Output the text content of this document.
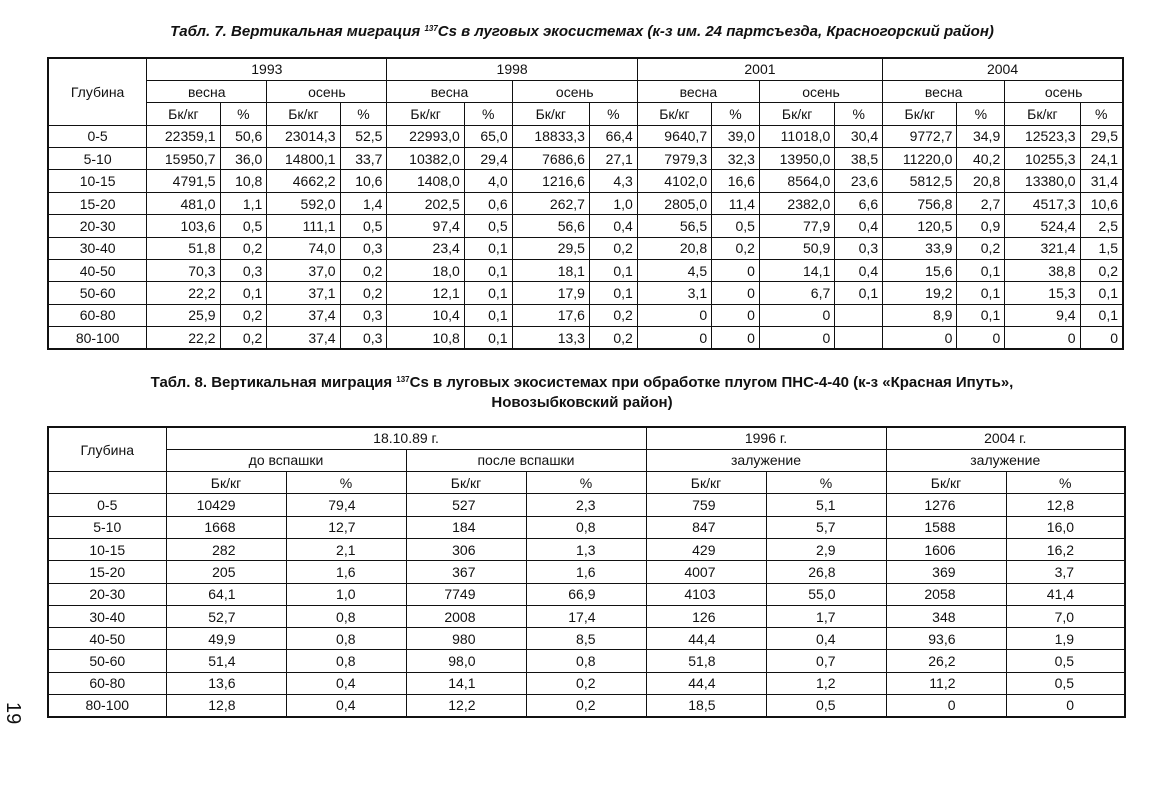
Табл. 7. Вертикальная миграция $^{137}$Cs в луговых экосистемах (к-з им. 24 партсъезда, Красногорский район)

Глубина	1993				1998				2001				2004			
	весна		осень		весна		осень		весна		осень		весна		осень	
	Бк/кг	%	Бк/кг	%	Бк/кг	%	Бк/кг	%	Бк/кг	%	Бк/кг	%	Бк/кг	%	Бк/кг	%
0-5	22359,1	50,6	23014,3	52,5	22993,0	65,0	18833,3	66,4	9640,7	39,0	11018,0	30,4	9772,7	34,9	12523,3	29,5
5-10	15950,7	36,0	14800,1	33,7	10382,0	29,4	7686,6	27,1	7979,3	32,3	13950,0	38,5	11220,0	40,2	10255,3	24,1
10-15	4791,5	10,8	4662,2	10,6	1408,0	4,0	1216,6	4,3	4102,0	16,6	8564,0	23,6	5812,5	20,8	13380,0	31,4
15-20	481,0	1,1	592,0	1,4	202,5	0,6	262,7	1,0	2805,0	11,4	2382,0	6,6	756,8	2,7	4517,3	10,6
20-30	103,6	0,5	111,1	0,5	97,4	0,5	56,6	0,4	56,5	0,5	77,9	0,4	120,5	0,9	524,4	2,5
30-40	51,8	0,2	74,0	0,3	23,4	0,1	29,5	0,2	20,8	0,2	50,9	0,3	33,9	0,2	321,4	1,5
40-50	70,3	0,3	37,0	0,2	18,0	0,1	18,1	0,1	4,5	0	14,1	0,4	15,6	0,1	38,8	0,2
50-60	22,2	0,1	37,1	0,2	12,1	0,1	17,9	0,1	3,1	0	6,7	0,1	19,2	0,1	15,3	0,1
60-80	25,9	0,2	37,4	0,3	10,4	0,1	17,6	0,2	0	0	0		8,9	0,1	9,4	0,1
80-100	22,2	0,2	37,4	0,3	10,8	0,1	13,3	0,2	0	0	0		0	0	0	0

Табл. 8. Вертикальная миграция $^{137}$Cs в луговых экосистемах при обработке плугом ПНС-4-40 (к-з «Красная Ипуть»,

Новозыбковский район)

Глубина	18.10.89 г.				1996 г.		2004 г.	
	до вспашки		после вспашки		залужение		залужение	
	Бк/кг	%	Бк/кг	%	Бк/кг	%	Бк/кг	%
0-5	10429	79,4	527	2,3	759	5,1	1276	12,8
5-10	1668	12,7	184	0,8	847	5,7	1588	16,0
10-15	282	2,1	306	1,3	429	2,9	1606	16,2
15-20	205	1,6	367	1,6	4007	26,8	369	3,7
20-30	64,1	1,0	7749	66,9	4103	55,0	2058	41,4
30-40	52,7	0,8	2008	17,4	126	1,7	348	7,0
40-50	49,9	0,8	980	8,5	44,4	0,4	93,6	1,9
50-60	51,4	0,8	98,0	0,8	51,8	0,7	26,2	0,5
60-80	13,6	0,4	14,1	0,2	44,4	1,2	11,2	0,5
80-100	12,8	0,4	12,2	0,2	18,5	0,5	0	0
19
